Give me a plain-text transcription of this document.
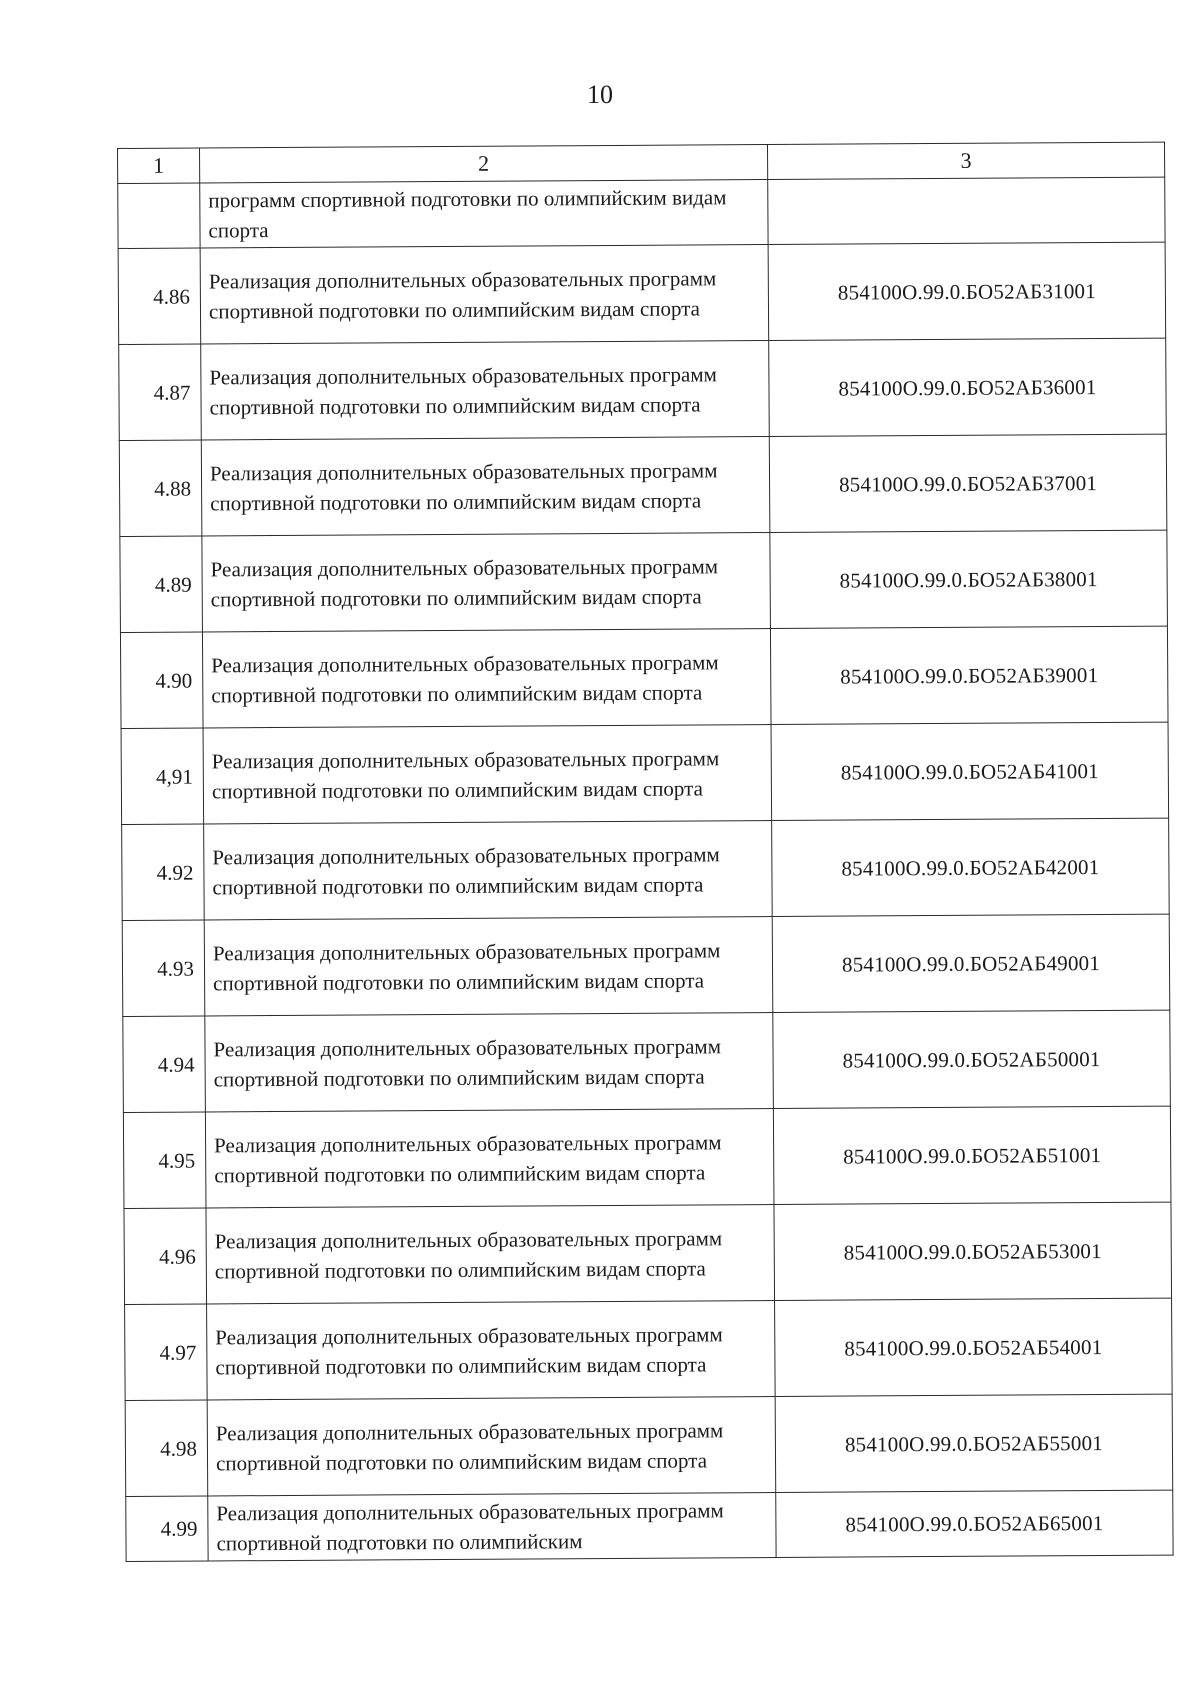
10
1	2	3
	программ спортивной подготовки по олимпийским видам спорта	
4.86	Реализация дополнительных образовательных программ спортивной подготовки по олимпийским видам спорта	854100О.99.0.БО52АБ31001
4.87	Реализация дополнительных образовательных программ спортивной подготовки по олимпийским видам спорта	854100О.99.0.БО52АБ36001
4.88	Реализация дополнительных образовательных программ спортивной подготовки по олимпийским видам спорта	854100О.99.0.БО52АБ37001
4.89	Реализация дополнительных образовательных программ спортивной подготовки по олимпийским видам спорта	854100О.99.0.БО52АБ38001
4.90	Реализация дополнительных образовательных программ спортивной подготовки по олимпийским видам спорта	854100О.99.0.БО52АБ39001
4,91	Реализация дополнительных образовательных программ спортивной подготовки по олимпийским видам спорта	854100О.99.0.БО52АБ41001
4.92	Реализация дополнительных образовательных программ спортивной подготовки по олимпийским видам спорта	854100О.99.0.БО52АБ42001
4.93	Реализация дополнительных образовательных программ спортивной подготовки по олимпийским видам спорта	854100О.99.0.БО52АБ49001
4.94	Реализация дополнительных образовательных программ спортивной подготовки по олимпийским видам спорта	854100О.99.0.БО52АБ50001
4.95	Реализация дополнительных образовательных программ спортивной подготовки по олимпийским видам спорта	854100О.99.0.БО52АБ51001
4.96	Реализация дополнительных образовательных программ спортивной подготовки по олимпийским видам спорта	854100О.99.0.БО52АБ53001
4.97	Реализация дополнительных образовательных программ спортивной подготовки по олимпийским видам спорта	854100О.99.0.БО52АБ54001
4.98	Реализация дополнительных образовательных программ спортивной подготовки по олимпийским видам спорта	854100О.99.0.БО52АБ55001
4.99	Реализация дополнительных образовательных программ спортивной подготовки по олимпийским	854100О.99.0.БО52АБ65001
